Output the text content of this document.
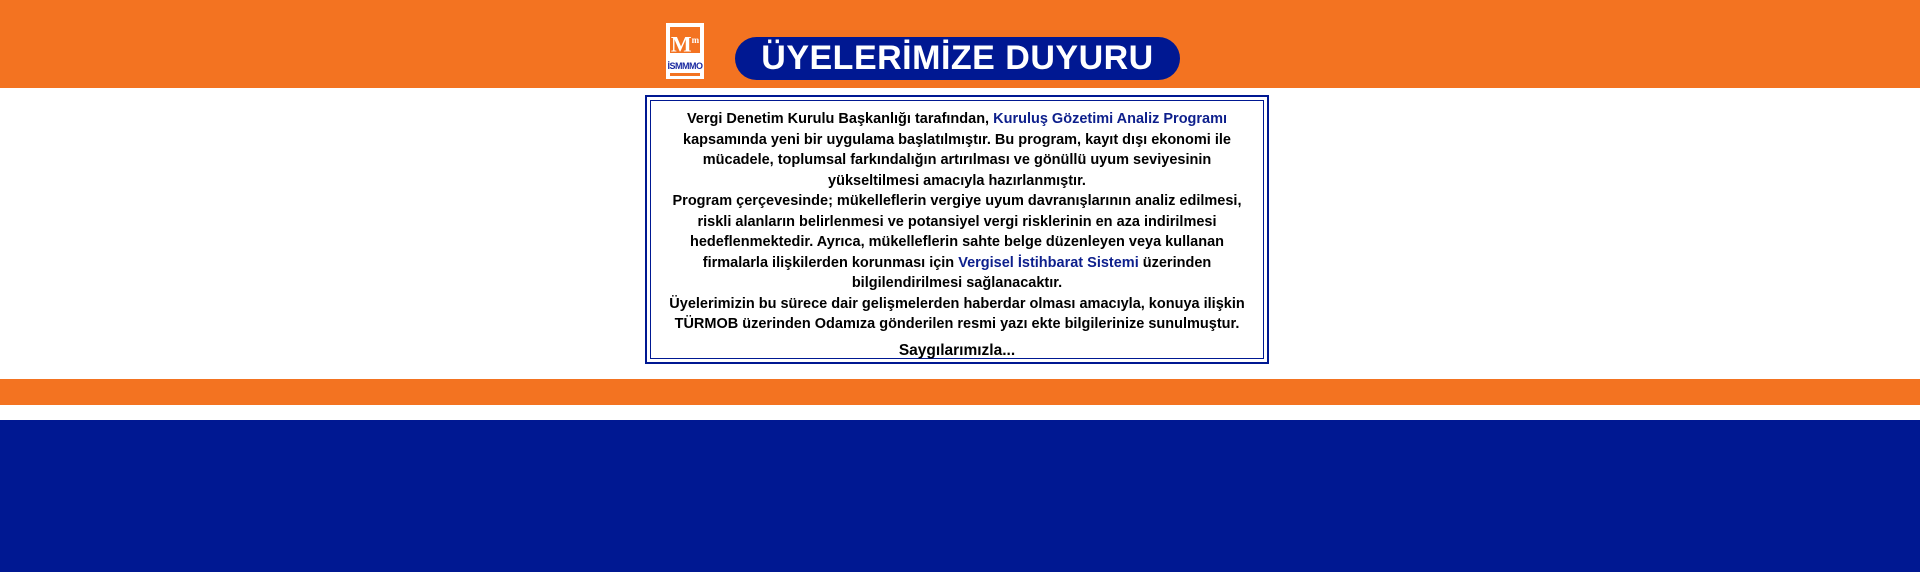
$M^m$
İSMMMO	ÜYELERİMİZE DUYURU

Vergi Denetim Kurulu Başkanlığı tarafından, Kuruluş Gözetimi Analiz Programı kapsamında yeni bir uygulama başlatılmıştır. Bu program, kayıt dışı ekonomi ile mücadele, toplumsal farkındalığın artırılması ve gönüllü uyum seviyesinin yükseltilmesi amacıyla hazırlanmıştır.

Program çerçevesinde; mükelleflerin vergiye uyum davranışlarının analiz edilmesi, riskli alanların belirlenmesi ve potansiyel vergi risklerinin en aza indirilmesi hedeflenmektedir. Ayrıca, mükelleflerin sahte belge düzenleyen veya kullanan firmalarla ilişkilerden korunması için Vergisel İstihbarat Sistemi üzerinden bilgilendirilmesi sağlanacaktır.

Üyelerimizin bu sürece dair gelişmelerden haberdar olması amacıyla, konuya ilişkin TÜRMOB üzerinden Odamıza gönderilen resmi yazı ekte bilgilerinize sunulmuştur.

Saygılarımızla...
